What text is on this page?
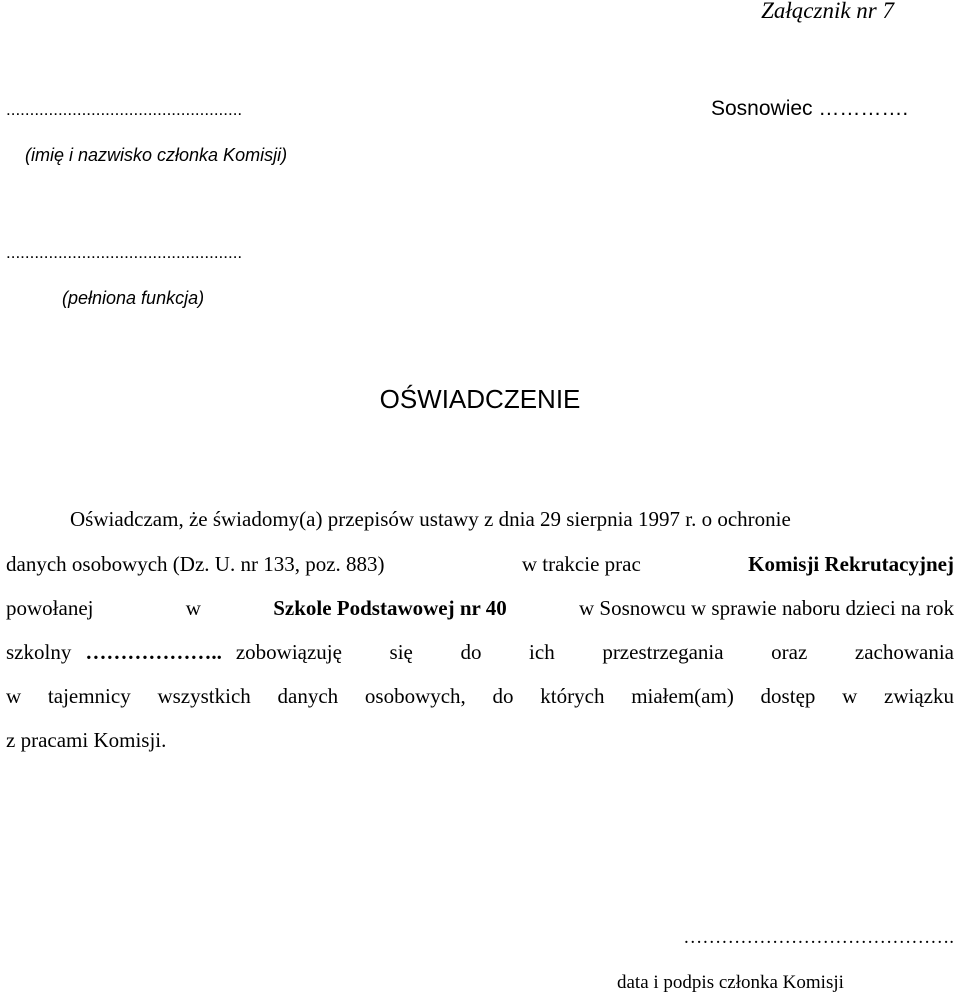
Załącznik nr 7
..................................................	Sosnowiec ………….
(imię i nazwisko członka Komisji)
..................................................
(pełniona funkcja)
OŚWIADCZENIE
Oświadczam, że świadomy(a) przepisów ustawy z dnia 29 sierpnia 1997 r. o ochronie
danych osobowych (Dz. U. nr 133, poz. 883)	w trakcie prac	Komisji Rekrutacyjnej
powołanej	w	Szkole Podstawowej nr 40	w Sosnowcu w sprawie naboru dzieci na rok
szkolny ……………….. zobowiązuję się do ich przestrzegania oraz zachowania
w tajemnicy wszystkich danych osobowych, do których miałem(am) dostęp w związku
z pracami Komisji.
…………………………………….
data i podpis członka Komisji
